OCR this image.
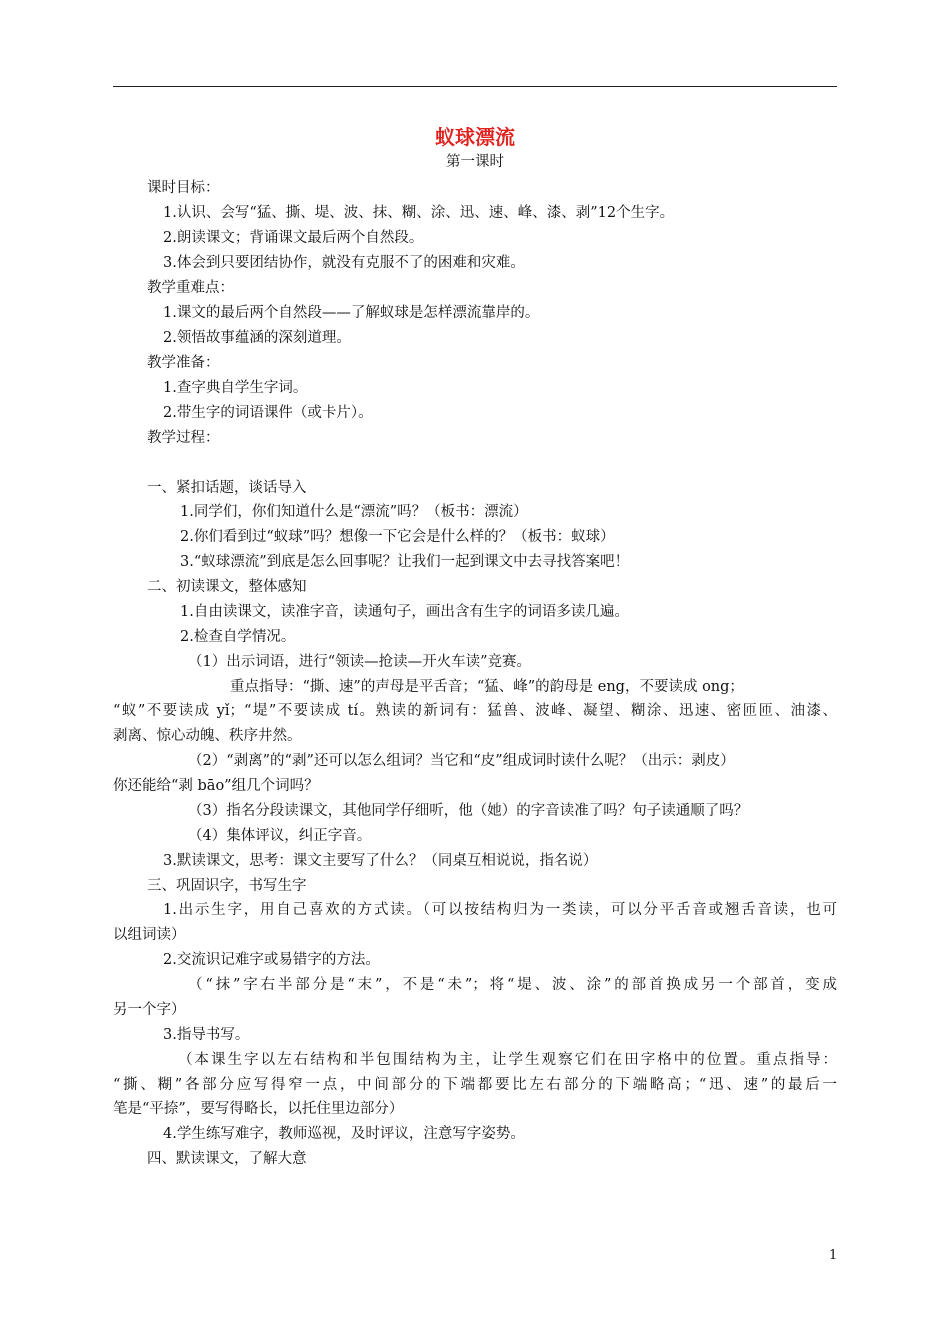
蚁球漂流
第一课时
课时目标：
1.认识、会写“猛、撕、堤、波、抹、糊、涂、迅、速、峰、漆、剥”12个生字。
2.朗读课文；背诵课文最后两个自然段。
3.体会到只要团结协作，就没有克服不了的困难和灾难。
教学重难点：
1.课文的最后两个自然段——了解蚁球是怎样漂流靠岸的。
2.领悟故事蕴涵的深刻道理。
教学准备：
1.查字典自学生字词。
2.带生字的词语课件（或卡片）。
教学过程：
一、紧扣话题，谈话导入
1.同学们，你们知道什么是“漂流”吗？（板书：漂流）
2.你们看到过“蚁球”吗？想像一下它会是什么样的？（板书：蚁球）
3.“蚁球漂流”到底是怎么回事呢？让我们一起到课文中去寻找答案吧！
二、初读课文，整体感知
1.自由读课文，读准字音，读通句子，画出含有生字的词语多读几遍。
2.检查自学情况。
（1）出示词语，进行“领读—抢读—开火车读”竞赛。
重点指导：“撕、速”的声母是平舌音；“猛、峰”的韵母是 eng，不要读成 ong；
“蚁”不要读成 yǐ；“堤”不要读成 tí。熟读的新词有：猛兽、波峰、凝望、糊涂、迅速、密匝匝、油漆、
剥离、惊心动魄、秩序井然。
（2）“剥离”的“剥”还可以怎么组词？当它和“皮”组成词时读什么呢？（出示：剥皮）
你还能给“剥 bāo”组几个词吗？
（3）指名分段读课文，其他同学仔细听，他（她）的字音读准了吗？句子读通顺了吗？
（4）集体评议，纠正字音。
3.默读课文，思考：课文主要写了什么？（同桌互相说说，指名说）
三、巩固识字，书写生字
1.出示生字，用自己喜欢的方式读。（可以按结构归为一类读，可以分平舌音或翘舌音读，也可
以组词读）
2.交流识记难字或易错字的方法。
（“抹”字右半部分是“末”，不是“未”；将“堤、波、涂”的部首换成另一个部首，变成
另一个字）
3.指导书写。
（本课生字以左右结构和半包围结构为主，让学生观察它们在田字格中的位置。重点指导：
“撕、糊”各部分应写得窄一点，中间部分的下端都要比左右部分的下端略高；“迅、速”的最后一
笔是“平捺”，要写得略长，以托住里边部分）
4.学生练写难字，教师巡视，及时评议，注意写字姿势。
四、默读课文，了解大意
1
